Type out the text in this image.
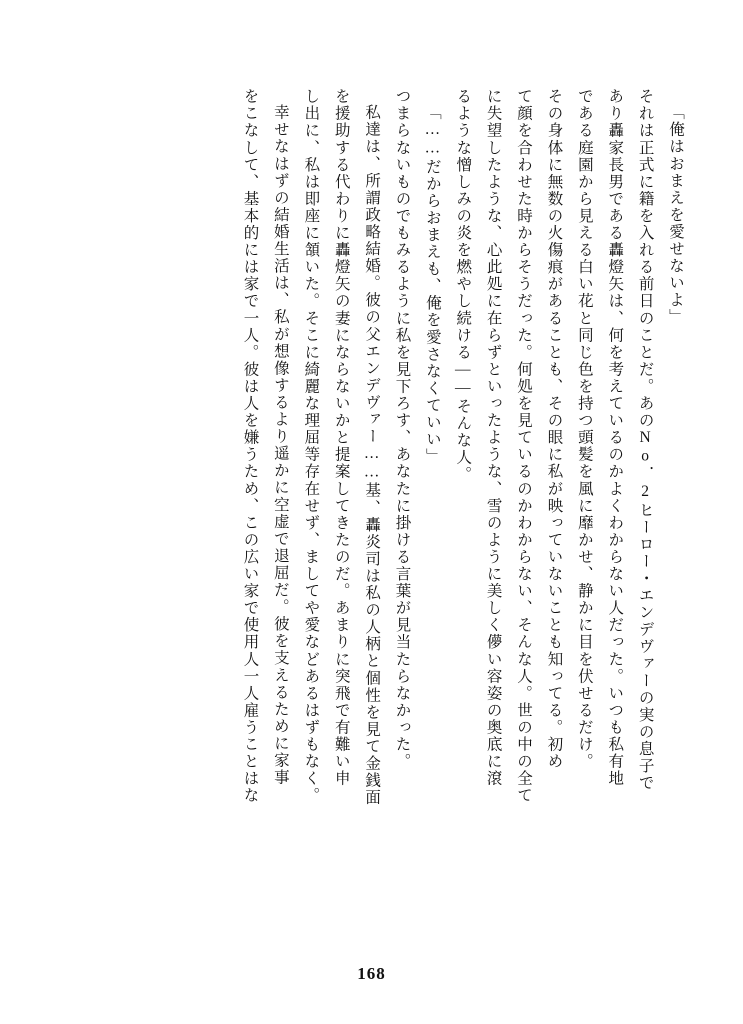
「俺はおまえを愛せないよ」
それは正式に籍を入れる前日のことだ。あのNo．2ヒーロー・エンデヴァーの実の息子で
あり轟家長男である轟燈矢は、何を考えているのかよくわからない人だった。いつも私有地
である庭園から見える白い花と同じ色を持つ頭髪を風に靡かせ、静かに目を伏せるだけ。
その身体に無数の火傷痕があることも、その眼に私が映っていないことも知ってる。初め
て顔を合わせた時からそうだった。何処を見ているのかわからない、そんな人。世の中の全て
に失望したような、心此処に在らずといったような、雪のように美しく儚い容姿の奥底に滾
るような憎しみの炎を燃やし続ける——そんな人。
「……だからおまえも、俺を愛さなくていい」
つまらないものでもみるように私を見下ろす、あなたに掛ける言葉が見当たらなかった。
私達は、所謂政略結婚。彼の父エンデヴァー……基、轟炎司は私の人柄と個性を見て金銭面
を援助する代わりに轟燈矢の妻にならないかと提案してきたのだ。あまりに突飛で有難い申
し出に、私は即座に頷いた。そこに綺麗な理屈等存在せず、ましてや愛などあるはずもなく。
幸せなはずの結婚生活は、私が想像するより遥かに空虚で退屈だ。彼を支えるために家事
をこなして、基本的には家で一人。彼は人を嫌うため、この広い家で使用人一人雇うことはな
168
